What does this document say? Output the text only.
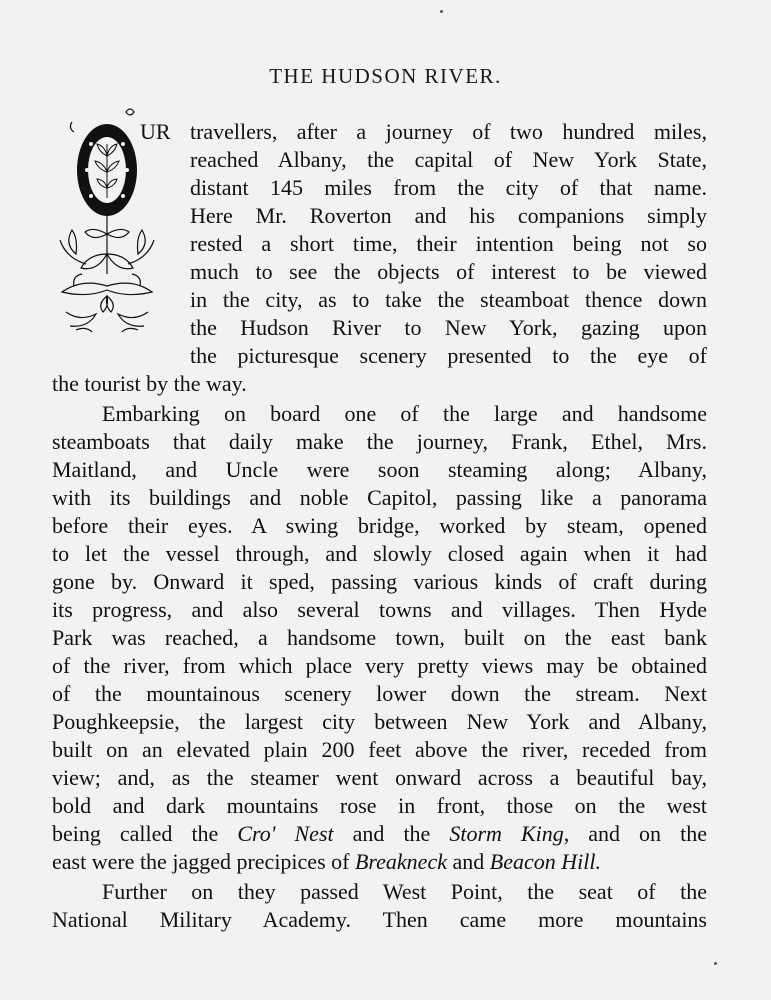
THE HUDSON RIVER.
UR travellers, after a journey of two hundred miles,
reached Albany, the capital of New York State,
distant 145 miles from the city of that name.
Here Mr. Roverton and his companions simply
rested a short time, their intention being not so
much to see the objects of interest to be viewed
in the city, as to take the steamboat thence down
the Hudson River to New York, gazing upon
the picturesque scenery presented to the eye of
the tourist by the way.
Embarking on board one of the large and handsome
steamboats that daily make the journey, Frank, Ethel, Mrs.
Maitland, and Uncle were soon steaming along; Albany,
with its buildings and noble Capitol, passing like a panorama
before their eyes. A swing bridge, worked by steam, opened
to let the vessel through, and slowly closed again when it had
gone by. Onward it sped, passing various kinds of craft during
its progress, and also several towns and villages. Then Hyde
Park was reached, a handsome town, built on the east bank
of the river, from which place very pretty views may be obtained
of the mountainous scenery lower down the stream. Next
Poughkeepsie, the largest city between New York and Albany,
built on an elevated plain 200 feet above the river, receded from
view; and, as the steamer went onward across a beautiful bay,
bold and dark mountains rose in front, those on the west
being called the Cro' Nest and the Storm King, and on the
east were the jagged precipices of Breakneck and Beacon Hill.
Further on they passed West Point, the seat of the
National Military Academy. Then came more mountains
